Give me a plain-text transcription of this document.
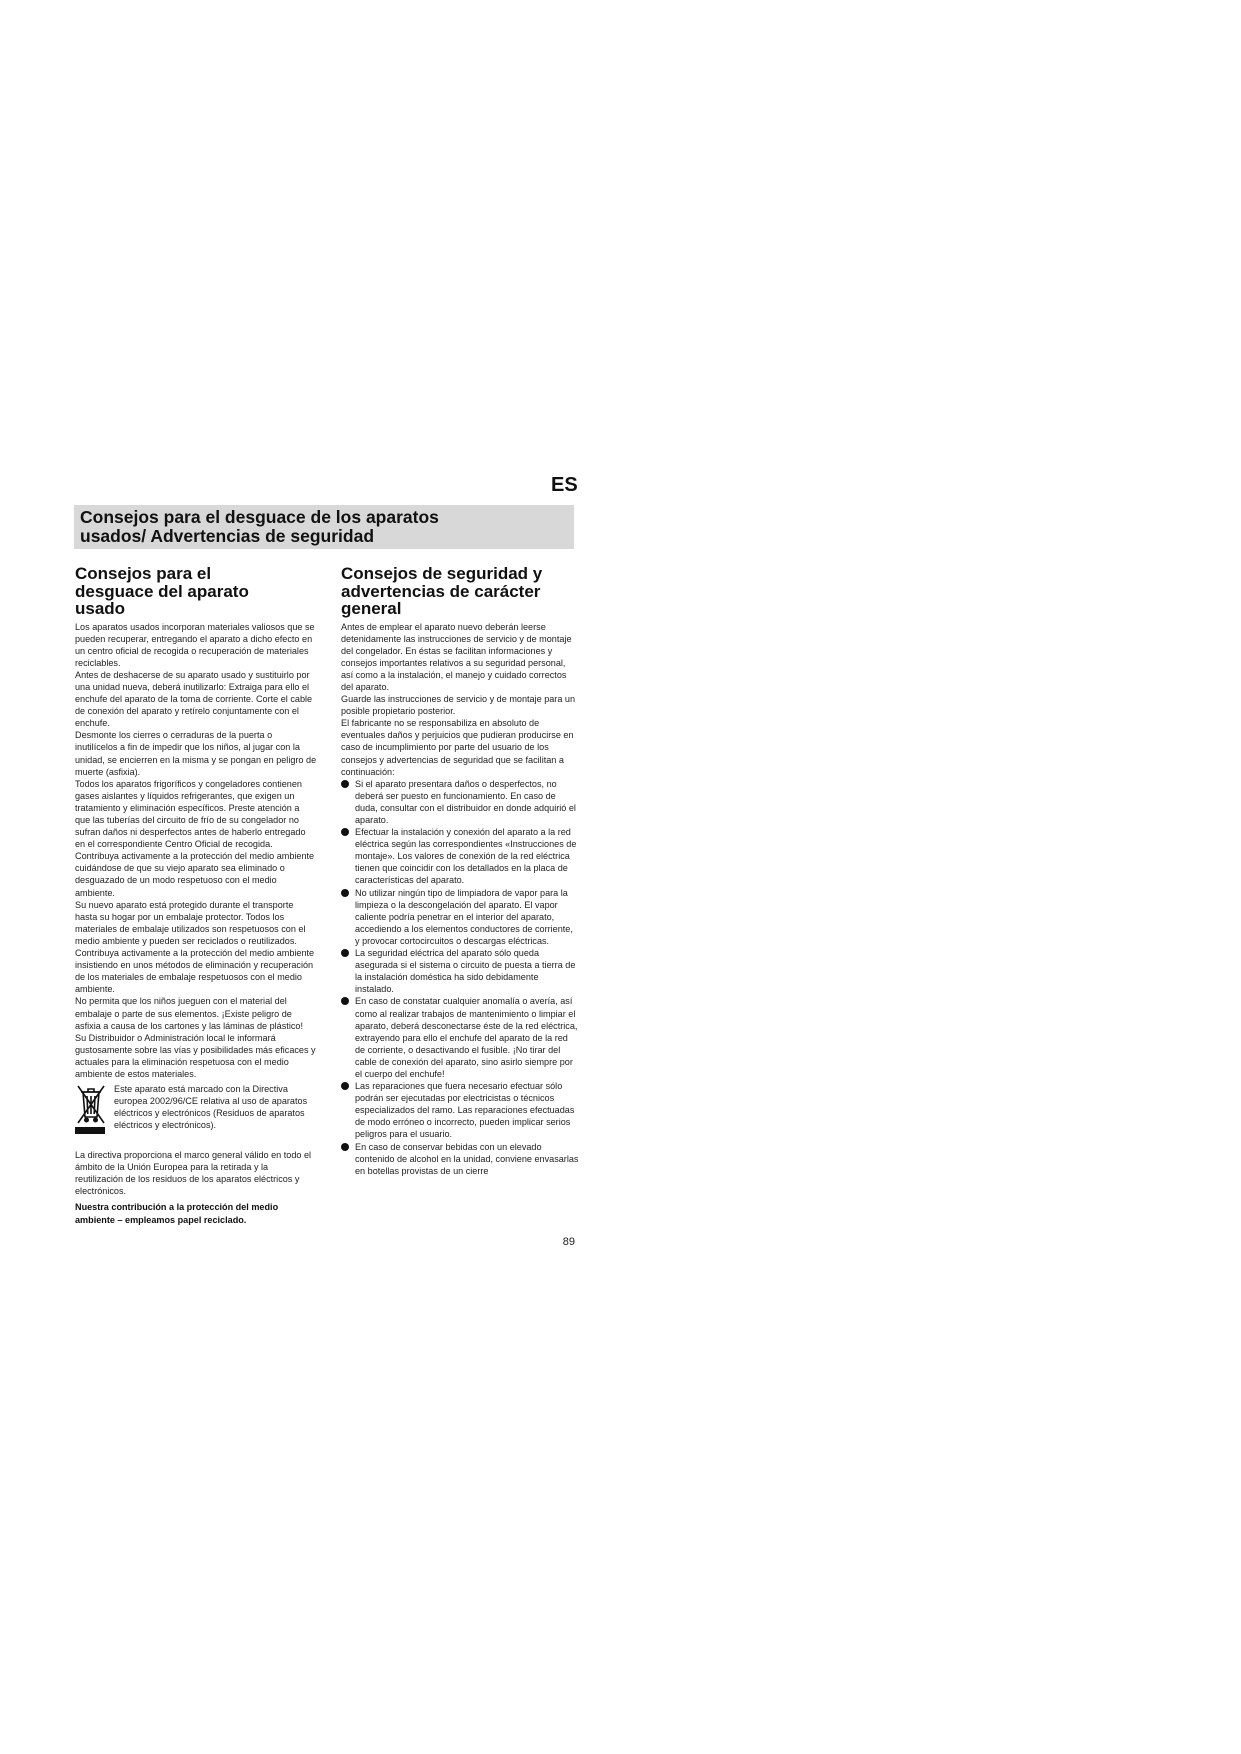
ES
Consejos para el desguace de los aparatos usados/ Advertencias de seguridad
Consejos para el desguace del aparato usado

Los aparatos usados incorporan materiales valiosos que se pueden recuperar, entregando el aparato a dicho efecto en un centro oficial de recogida o recuperación de materiales reciclables.

Antes de deshacerse de su aparato usado y sustituirlo por una unidad nueva, deberá inutilizarlo: Extraiga para ello el enchufe del aparato de la toma de corriente. Corte el cable de conexión del aparato y retírelo conjuntamente con el enchufe.

Desmonte los cierres o cerraduras de la puerta o inutilícelos a fin de impedir que los niños, al jugar con la unidad, se encierren en la misma y se pongan en peligro de muerte (asfixia).

Todos los aparatos frigoríficos y congeladores contienen gases aislantes y líquidos refrigerantes, que exigen un tratamiento y eliminación específicos. Preste atención a que las tuberías del circuito de frío de su congelador no sufran daños ni desperfectos antes de haberlo entregado en el correspondiente Centro Oficial de recogida.

Contribuya activamente a la protección del medio ambiente cuidándose de que su viejo aparato sea eliminado o desguazado de un modo respetuoso con el medio ambiente.

Su nuevo aparato está protegido durante el transporte hasta su hogar por un embalaje protector. Todos los materiales de embalaje utilizados son respetuosos con el medio ambiente y pueden ser reciclados o reutilizados. Contribuya activamente a la protección del medio ambiente insistiendo en unos métodos de eliminación y recuperación de los materiales de embalaje respetuosos con el medio ambiente.

No permita que los niños jueguen con el material del embalaje o parte de sus elementos. ¡Existe peligro de asfixia a causa de los cartones y las láminas de plástico!

Su Distribuidor o Administración local le informará gustosamente sobre las vías y posibilidades más eficaces y actuales para la eliminación respetuosa con el medio ambiente de estos materiales.

Este aparato está marcado con la Directiva europea 2002/96/CE relativa al uso de aparatos eléctricos y electrónicos (Residuos de aparatos eléctricos y electrónicos).

La directiva proporciona el marco general válido en todo el ámbito de la Unión Europea para la retirada y la reutilización de los residuos de los aparatos eléctricos y electrónicos.

Nuestra contribución a la protección del medio ambiente – empleamos papel reciclado.
Consejos de seguridad y advertencias de carácter general

Antes de emplear el aparato nuevo deberán leerse detenidamente las instrucciones de servicio y de montaje del congelador. En éstas se facilitan informaciones y consejos importantes relativos a su seguridad personal, así como a la instalación, el manejo y cuidado correctos del aparato.

Guarde las instrucciones de servicio y de montaje para un posible propietario posterior.

El fabricante no se responsabiliza en absoluto de eventuales daños y perjuicios que pudieran producirse en caso de incumplimiento por parte del usuario de los consejos y advertencias de seguridad que se facilitan a continuación:

Si el aparato presentara daños o desperfectos, no deberá ser puesto en funcionamiento. En caso de duda, consultar con el distribuidor en donde adquirió el aparato.
Efectuar la instalación y conexión del aparato a la red eléctrica según las correspondientes «Instrucciones de montaje». Los valores de conexión de la red eléctrica tienen que coincidir con los detallados en la placa de características del aparato.
No utilizar ningún tipo de limpiadora de vapor para la limpieza o la descongelación del aparato. El vapor caliente podría penetrar en el interior del aparato, accediendo a los elementos conductores de corriente, y provocar cortocircuitos o descargas eléctricas.
La seguridad eléctrica del aparato sólo queda asegurada si el sistema o circuito de puesta a tierra de la instalación doméstica ha sido debidamente instalado.
En caso de constatar cualquier anomalía o avería, así como al realizar trabajos de mantenimiento o limpiar el aparato, deberá desconectarse éste de la red eléctrica, extrayendo para ello el enchufe del aparato de la red de corriente, o desactivando el fusible. ¡No tirar del cable de conexión del aparato, sino asirlo siempre por el cuerpo del enchufe!
Las reparaciones que fuera necesario efectuar sólo podrán ser ejecutadas por electricistas o técnicos especializados del ramo. Las reparaciones efectuadas de modo erróneo o incorrecto, pueden implicar serios peligros para el usuario.
En caso de conservar bebidas con un elevado contenido de alcohol en la unidad, conviene envasarlas en botellas provistas de un cierre
89
